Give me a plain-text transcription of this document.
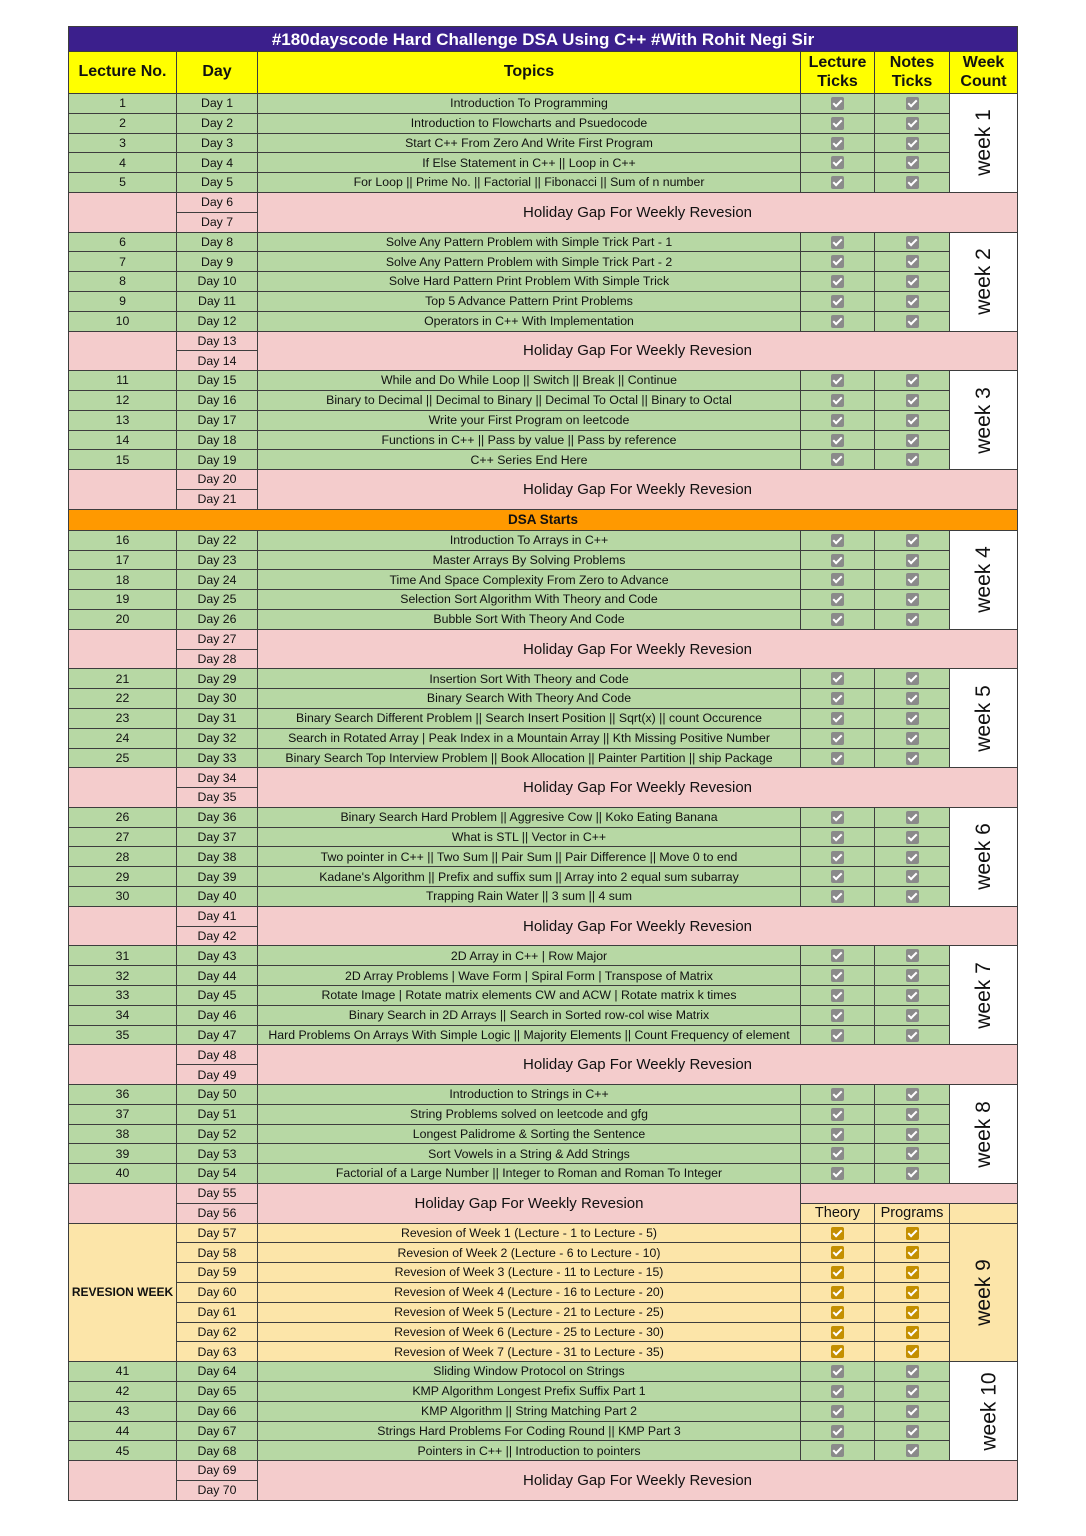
#180dayscode Hard Challenge DSA Using C++ #With Rohit Negi Sir					
Lecture No.	Day	Topics	Lecture Ticks	Notes Ticks	Week Count
1	Day 1	Introduction To Programming			week 1
2	Day 2	Introduction to Flowcharts and Psuedocode			
3	Day 3	Start C++ From Zero And Write First Program			
4	Day 4	If Else Statement in C++ || Loop in C++			
5	Day 5	For Loop || Prime No. || Factorial || Fibonacci || Sum of n number			
	Day 6	Holiday Gap For Weekly Revesion			
	Day 7				
6	Day 8	Solve Any Pattern Problem with Simple Trick Part - 1			week 2
7	Day 9	Solve Any Pattern Problem with Simple Trick Part - 2			
8	Day 10	Solve Hard Pattern Print Problem With Simple Trick			
9	Day 11	Top 5 Advance Pattern Print Problems			
10	Day 12	Operators in C++ With Implementation			
	Day 13	Holiday Gap For Weekly Revesion			
	Day 14				
11	Day 15	While and Do While Loop || Switch || Break || Continue			week 3
12	Day 16	Binary to Decimal || Decimal to Binary || Decimal To Octal || Binary to Octal			
13	Day 17	Write your First Program on leetcode			
14	Day 18	Functions in C++ || Pass by value || Pass by reference			
15	Day 19	C++ Series End Here			
	Day 20	Holiday Gap For Weekly Revesion			
	Day 21				
DSA Starts					
16	Day 22	Introduction To Arrays in C++			week 4
17	Day 23	Master Arrays By Solving Problems			
18	Day 24	Time And Space Complexity From Zero to Advance			
19	Day 25	Selection Sort Algorithm With Theory and Code			
20	Day 26	Bubble Sort With Theory And Code			
	Day 27	Holiday Gap For Weekly Revesion			
	Day 28				
21	Day 29	Insertion Sort With Theory and Code			week 5
22	Day 30	Binary Search With Theory And Code			
23	Day 31	Binary Search Different Problem || Search Insert Position || Sqrt(x) || count Occurence			
24	Day 32	Search in Rotated Array | Peak Index in a Mountain Array || Kth Missing Positive Number			
25	Day 33	Binary Search Top Interview Problem || Book Allocation || Painter Partition || ship Package			
	Day 34	Holiday Gap For Weekly Revesion			
	Day 35				
26	Day 36	Binary Search Hard Problem || Aggresive Cow || Koko Eating Banana			week 6
27	Day 37	What is STL || Vector in C++			
28	Day 38	Two pointer in C++ || Two Sum || Pair Sum || Pair Difference || Move 0 to end			
29	Day 39	Kadane's Algorithm || Prefix and suffix sum || Array into 2 equal sum subarray			
30	Day 40	Trapping Rain Water || 3 sum || 4 sum			
	Day 41	Holiday Gap For Weekly Revesion			
	Day 42				
31	Day 43	2D Array in C++ | Row Major			week 7
32	Day 44	2D Array Problems | Wave Form | Spiral Form | Transpose of Matrix			
33	Day 45	Rotate Image | Rotate matrix elements CW and ACW | Rotate matrix k times			
34	Day 46	Binary Search in 2D Arrays || Search in Sorted row-col wise Matrix			
35	Day 47	Hard Problems On Arrays With Simple Logic || Majority Elements || Count Frequency of element			
	Day 48	Holiday Gap For Weekly Revesion			
	Day 49				
36	Day 50	Introduction to Strings in C++			week 8
37	Day 51	String Problems solved on leetcode and gfg			
38	Day 52	Longest Palidrome & Sorting the Sentence			
39	Day 53	Sort Vowels in a String & Add Strings			
40	Day 54	Factorial of a Large Number || Integer to Roman and Roman To Integer			
	Day 55	Holiday Gap For Weekly Revesion			
	Day 56		Theory	Programs	
REVESION WEEK	Day 57	Revesion of Week 1 (Lecture - 1 to Lecture - 5)			week 9
	Day 58	Revesion of Week 2 (Lecture - 6 to Lecture - 10)			
	Day 59	Revesion of Week 3 (Lecture - 11 to Lecture - 15)			
	Day 60	Revesion of Week 4 (Lecture - 16 to Lecture - 20)			
	Day 61	Revesion of Week 5 (Lecture - 21 to Lecture - 25)			
	Day 62	Revesion of Week 6 (Lecture - 25 to Lecture - 30)			
	Day 63	Revesion of Week 7 (Lecture - 31 to Lecture - 35)			
41	Day 64	Sliding Window Protocol on Strings			week 10
42	Day 65	KMP Algorithm Longest Prefix Suffix Part 1			
43	Day 66	KMP Algorithm || String Matching Part 2			
44	Day 67	Strings Hard Problems For Coding Round || KMP Part 3			
45	Day 68	Pointers in C++ || Introduction to pointers			
	Day 69	Holiday Gap For Weekly Revesion			
	Day 70				
